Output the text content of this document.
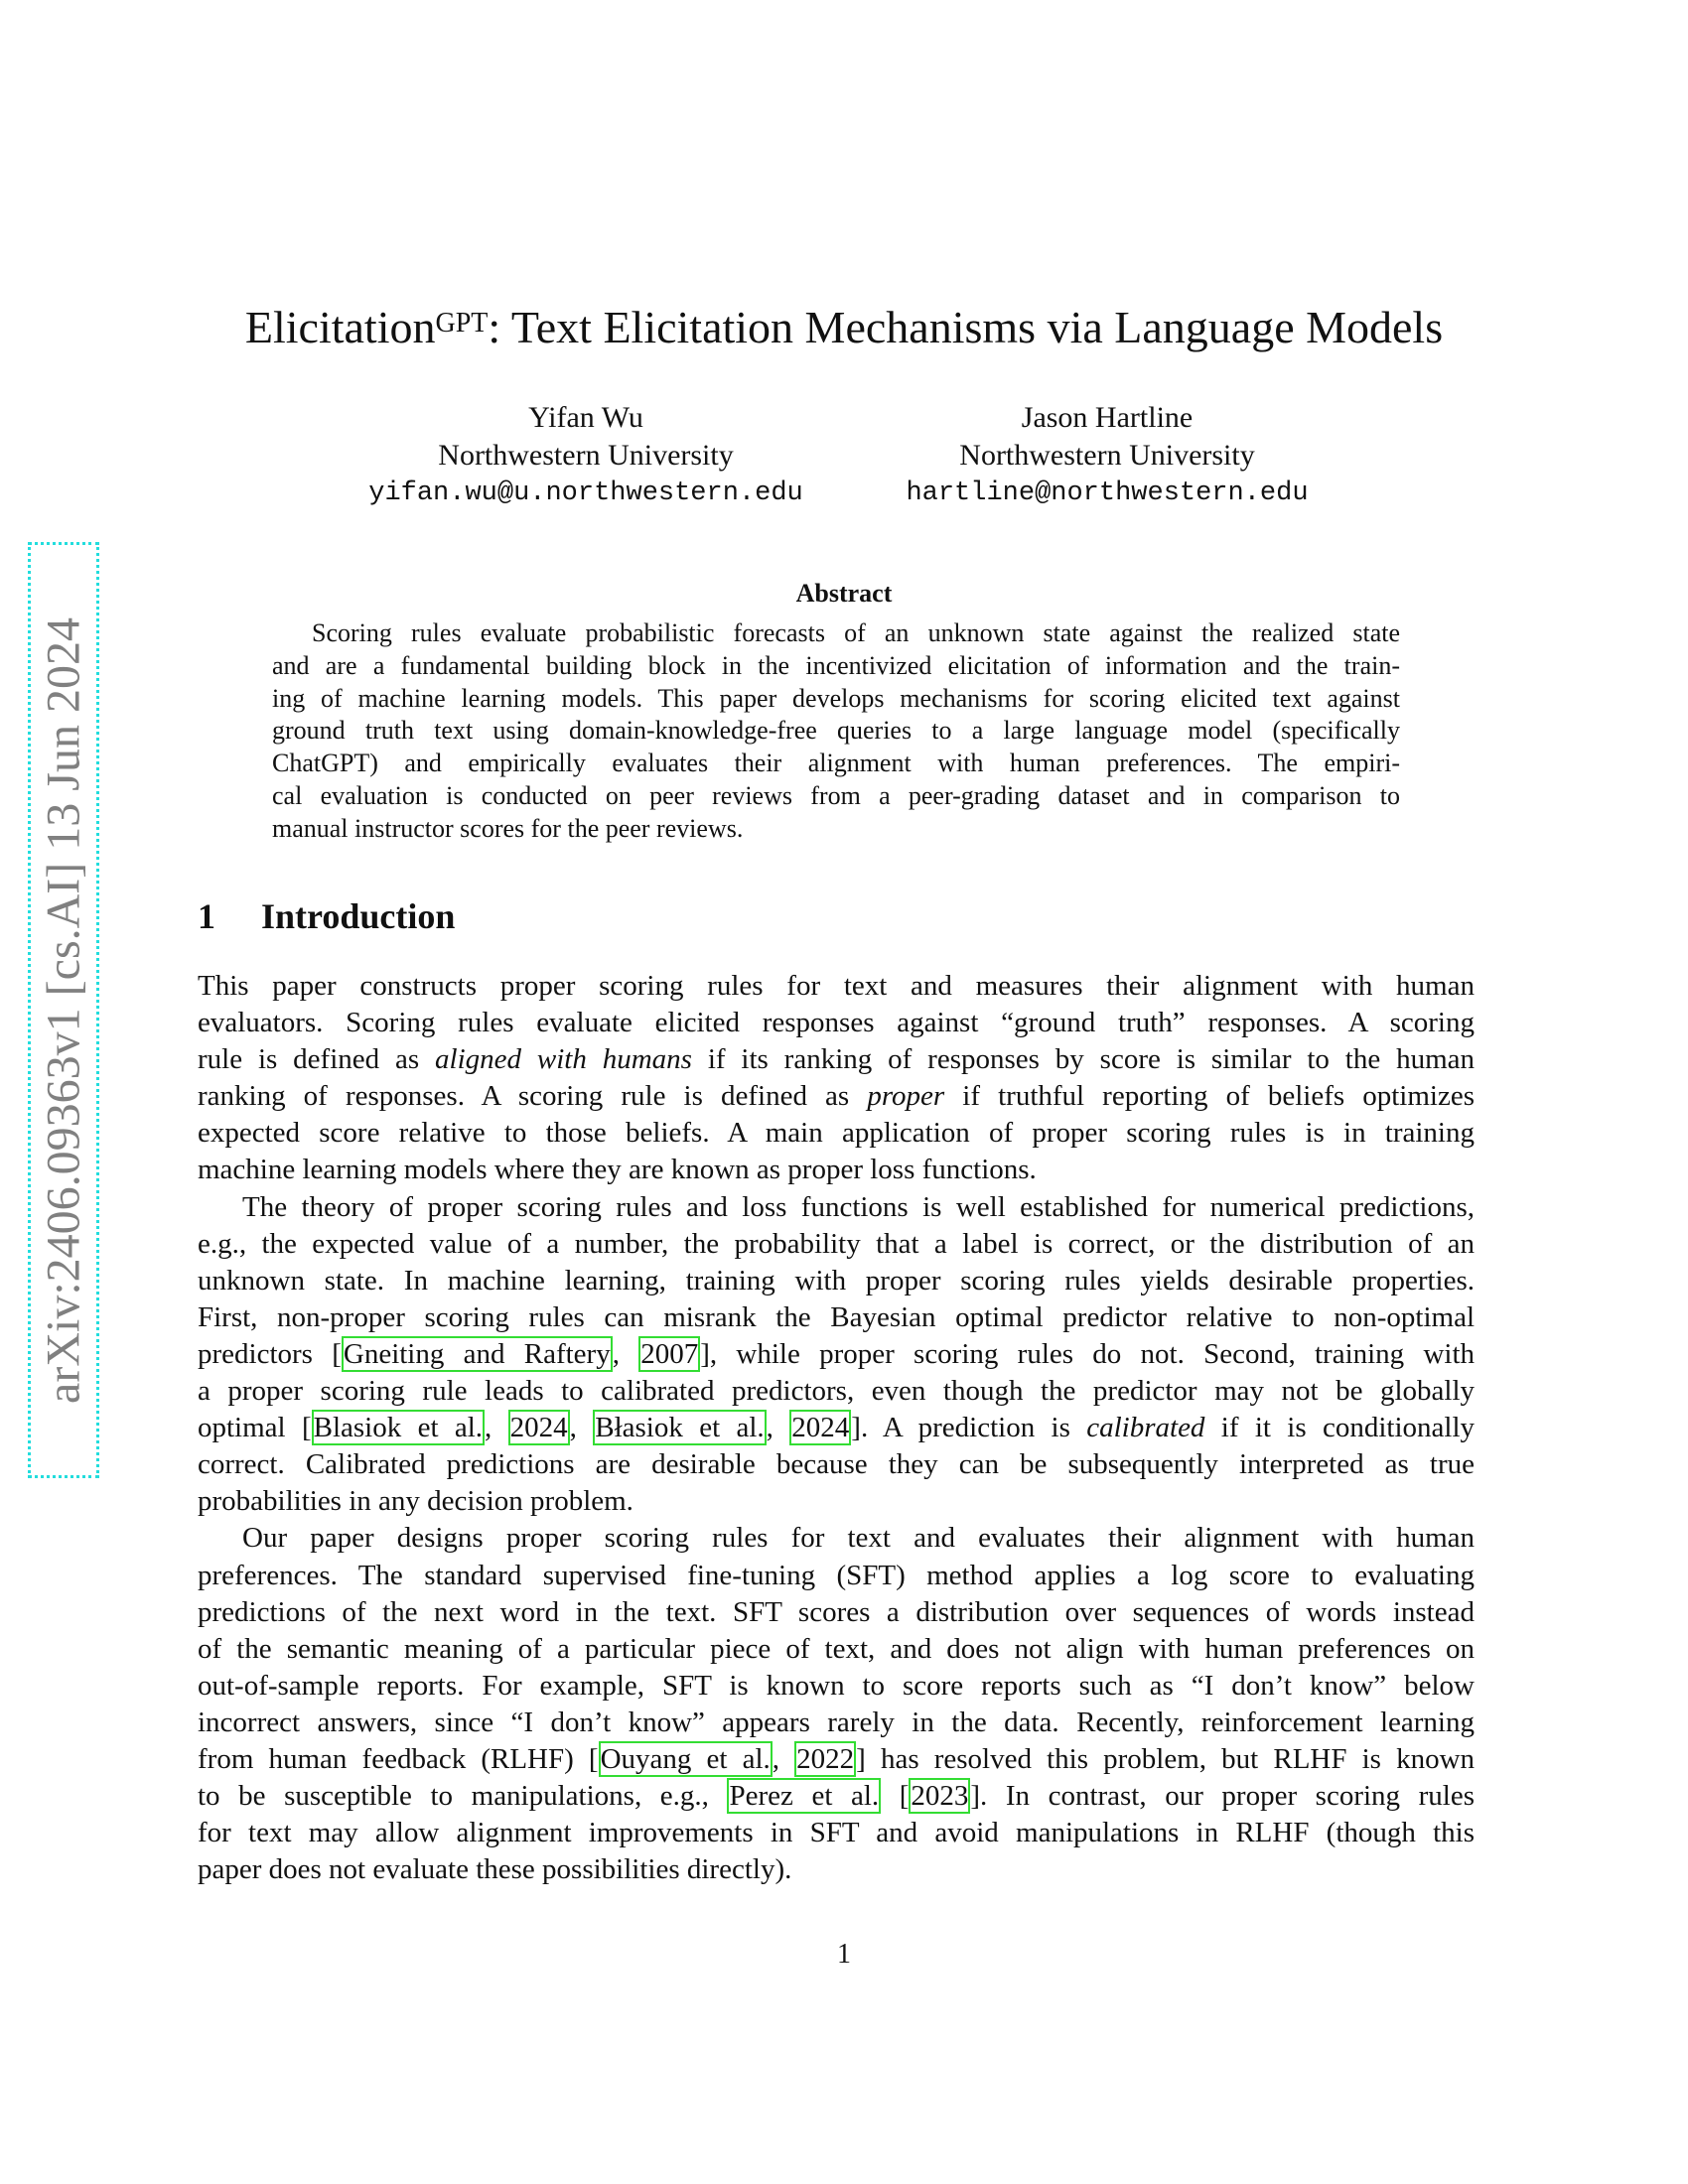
arXiv:2406.09363v1 [cs.AI] 13 Jun 2024
Elicitation$^{GPT}$: Text Elicitation Mechanisms via Language Models
Yifan Wu
Northwestern University
yifan.wu@u.northwestern.edu
Jason Hartline
Northwestern University
hartline@northwestern.edu
Abstract
Scoring rules evaluate probabilistic forecasts of an unknown state against the realized state
and are a fundamental building block in the incentivized elicitation of information and the train-
ing of machine learning models. This paper develops mechanisms for scoring elicited text against
ground truth text using domain-knowledge-free queries to a large language model (specifically
ChatGPT) and empirically evaluates their alignment with human preferences. The empiri-
cal evaluation is conducted on peer reviews from a peer-grading dataset and in comparison to
manual instructor scores for the peer reviews.
1 Introduction
This paper constructs proper scoring rules for text and measures their alignment with human
evaluators. Scoring rules evaluate elicited responses against “ground truth” responses. A scoring
rule is defined as aligned with humans if its ranking of responses by score is similar to the human
ranking of responses. A scoring rule is defined as proper if truthful reporting of beliefs optimizes
expected score relative to those beliefs. A main application of proper scoring rules is in training
machine learning models where they are known as proper loss functions.
The theory of proper scoring rules and loss functions is well established for numerical predictions,
e.g., the expected value of a number, the probability that a label is correct, or the distribution of an
unknown state. In machine learning, training with proper scoring rules yields desirable properties.
First, non-proper scoring rules can misrank the Bayesian optimal predictor relative to non-optimal
predictors [Gneiting and Raftery, 2007], while proper scoring rules do not. Second, training with
a proper scoring rule leads to calibrated predictors, even though the predictor may not be globally
optimal [Blasiok et al., 2024, Błasiok et al., 2024]. A prediction is calibrated if it is conditionally
correct. Calibrated predictions are desirable because they can be subsequently interpreted as true
probabilities in any decision problem.
Our paper designs proper scoring rules for text and evaluates their alignment with human
preferences. The standard supervised fine-tuning (SFT) method applies a log score to evaluating
predictions of the next word in the text. SFT scores a distribution over sequences of words instead
of the semantic meaning of a particular piece of text, and does not align with human preferences on
out-of-sample reports. For example, SFT is known to score reports such as “I don’t know” below
incorrect answers, since “I don’t know” appears rarely in the data. Recently, reinforcement learning
from human feedback (RLHF) [Ouyang et al., 2022] has resolved this problem, but RLHF is known
to be susceptible to manipulations, e.g., Perez et al. [2023]. In contrast, our proper scoring rules
for text may allow alignment improvements in SFT and avoid manipulations in RLHF (though this
paper does not evaluate these possibilities directly).
1
